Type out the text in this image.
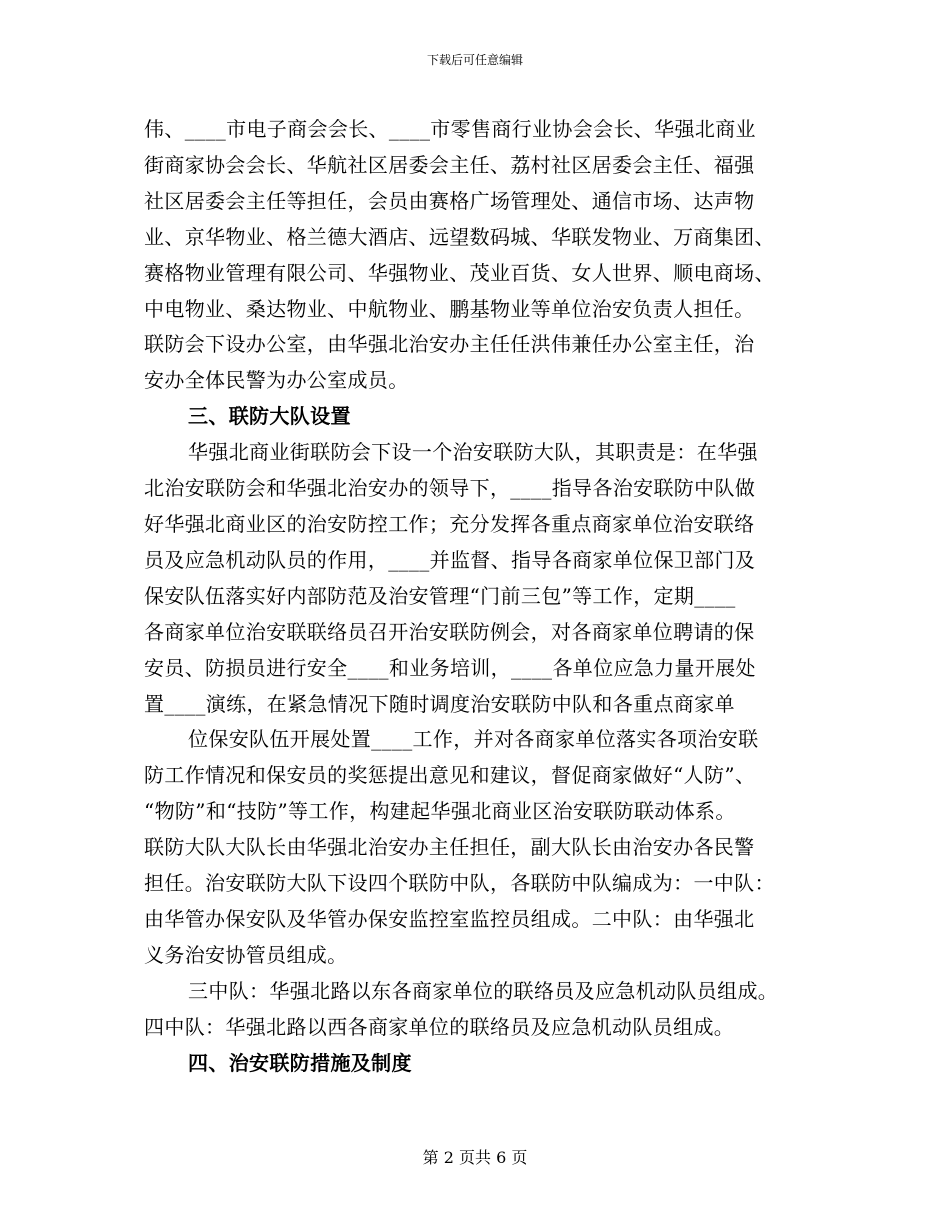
下载后可任意编辑

伟、____市电子商会会长、____市零售商行业协会会长、华强北商业

街商家协会会长、华航社区居委会主任、荔村社区居委会主任、福强

社区居委会主任等担任，会员由赛格广场管理处、通信市场、达声物

业、京华物业、格兰德大酒店、远望数码城、华联发物业、万商集团、

赛格物业管理有限公司、华强物业、茂业百货、女人世界、顺电商场、

中电物业、桑达物业、中航物业、鹏基物业等单位治安负责人担任。

联防会下设办公室，由华强北治安办主任任洪伟兼任办公室主任，治

安办全体民警为办公室成员。

三、联防大队设置

华强北商业街联防会下设一个治安联防大队，其职责是：在华强

北治安联防会和华强北治安办的领导下，____指导各治安联防中队做

好华强北商业区的治安防控工作；充分发挥各重点商家单位治安联络

员及应急机动队员的作用，____并监督、指导各商家单位保卫部门及

保安队伍落实好内部防范及治安管理“门前三包”等工作，定期____

各商家单位治安联联络员召开治安联防例会，对各商家单位聘请的保

安员、防损员进行安全____和业务培训，____各单位应急力量开展处

置____演练，在紧急情况下随时调度治安联防中队和各重点商家单

位保安队伍开展处置____工作，并对各商家单位落实各项治安联

防工作情况和保安员的奖惩提出意见和建议，督促商家做好“人防”、

“物防”和“技防”等工作，构建起华强北商业区治安联防联动体系。

联防大队大队长由华强北治安办主任担任，副大队长由治安办各民警

担任。治安联防大队下设四个联防中队，各联防中队编成为：一中队：

由华管办保安队及华管办保安监控室监控员组成。二中队：由华强北

义务治安协管员组成。

三中队：华强北路以东各商家单位的联络员及应急机动队员组成。

四中队：华强北路以西各商家单位的联络员及应急机动队员组成。

四、治安联防措施及制度

第 2 页共 6 页
